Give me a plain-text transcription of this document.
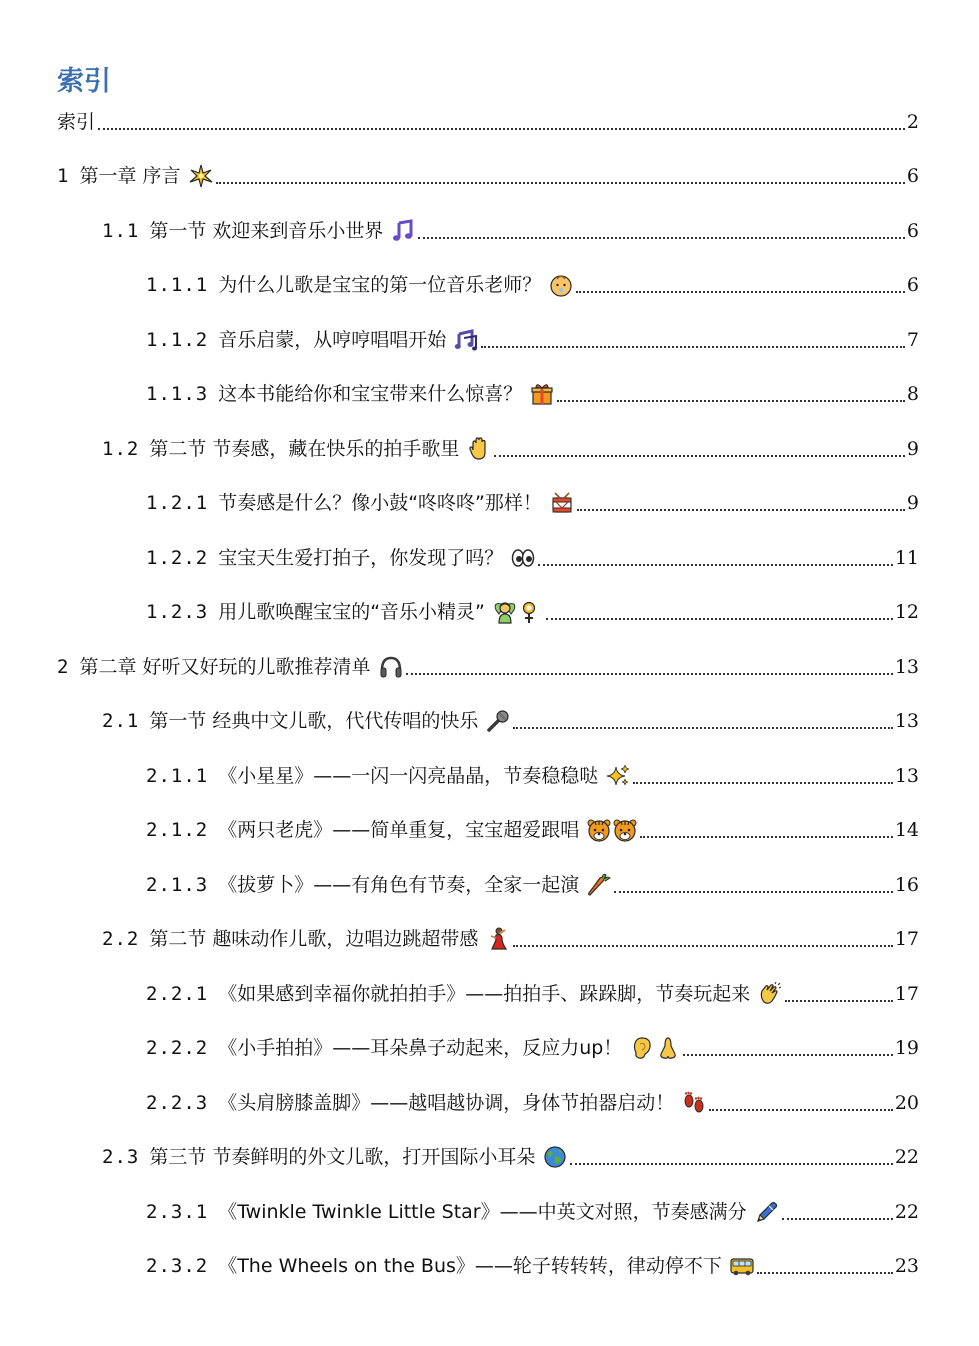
索引
索引	2
1 第一章 序言	6
1.1 第一节 欢迎来到音乐小世界	6
1.1.1 为什么儿歌是宝宝的第一位音乐老师？	6
1.1.2 音乐启蒙，从哼哼唱唱开始	7
1.1.3 这本书能给你和宝宝带来什么惊喜？	8
1.2 第二节 节奏感，藏在快乐的拍手歌里	9
1.2.1 节奏感是什么？像小鼓“咚咚咚”那样！	9
1.2.2 宝宝天生爱打拍子，你发现了吗？	11
1.2.3 用儿歌唤醒宝宝的“音乐小精灵”	12
2 第二章 好听又好玩的儿歌推荐清单	13
2.1 第一节 经典中文儿歌，代代传唱的快乐	13
2.1.1 《小星星》——一闪一闪亮晶晶，节奏稳稳哒	13
2.1.2 《两只老虎》——简单重复，宝宝超爱跟唱	14
2.1.3 《拔萝卜》——有角色有节奏，全家一起演	16
2.2 第二节 趣味动作儿歌，边唱边跳超带感	17
2.2.1 《如果感到幸福你就拍拍手》——拍拍手、跺跺脚，节奏玩起来	17
2.2.2 《小手拍拍》——耳朵鼻子动起来，反应力up！	19
2.2.3 《头肩膀膝盖脚》——越唱越协调，身体节拍器启动！	20
2.3 第三节 节奏鲜明的外文儿歌，打开国际小耳朵	22
2.3.1 《Twinkle Twinkle Little Star》——中英文对照，节奏感满分	22
2.3.2 《The Wheels on the Bus》——轮子转转转，律动停不下	23
